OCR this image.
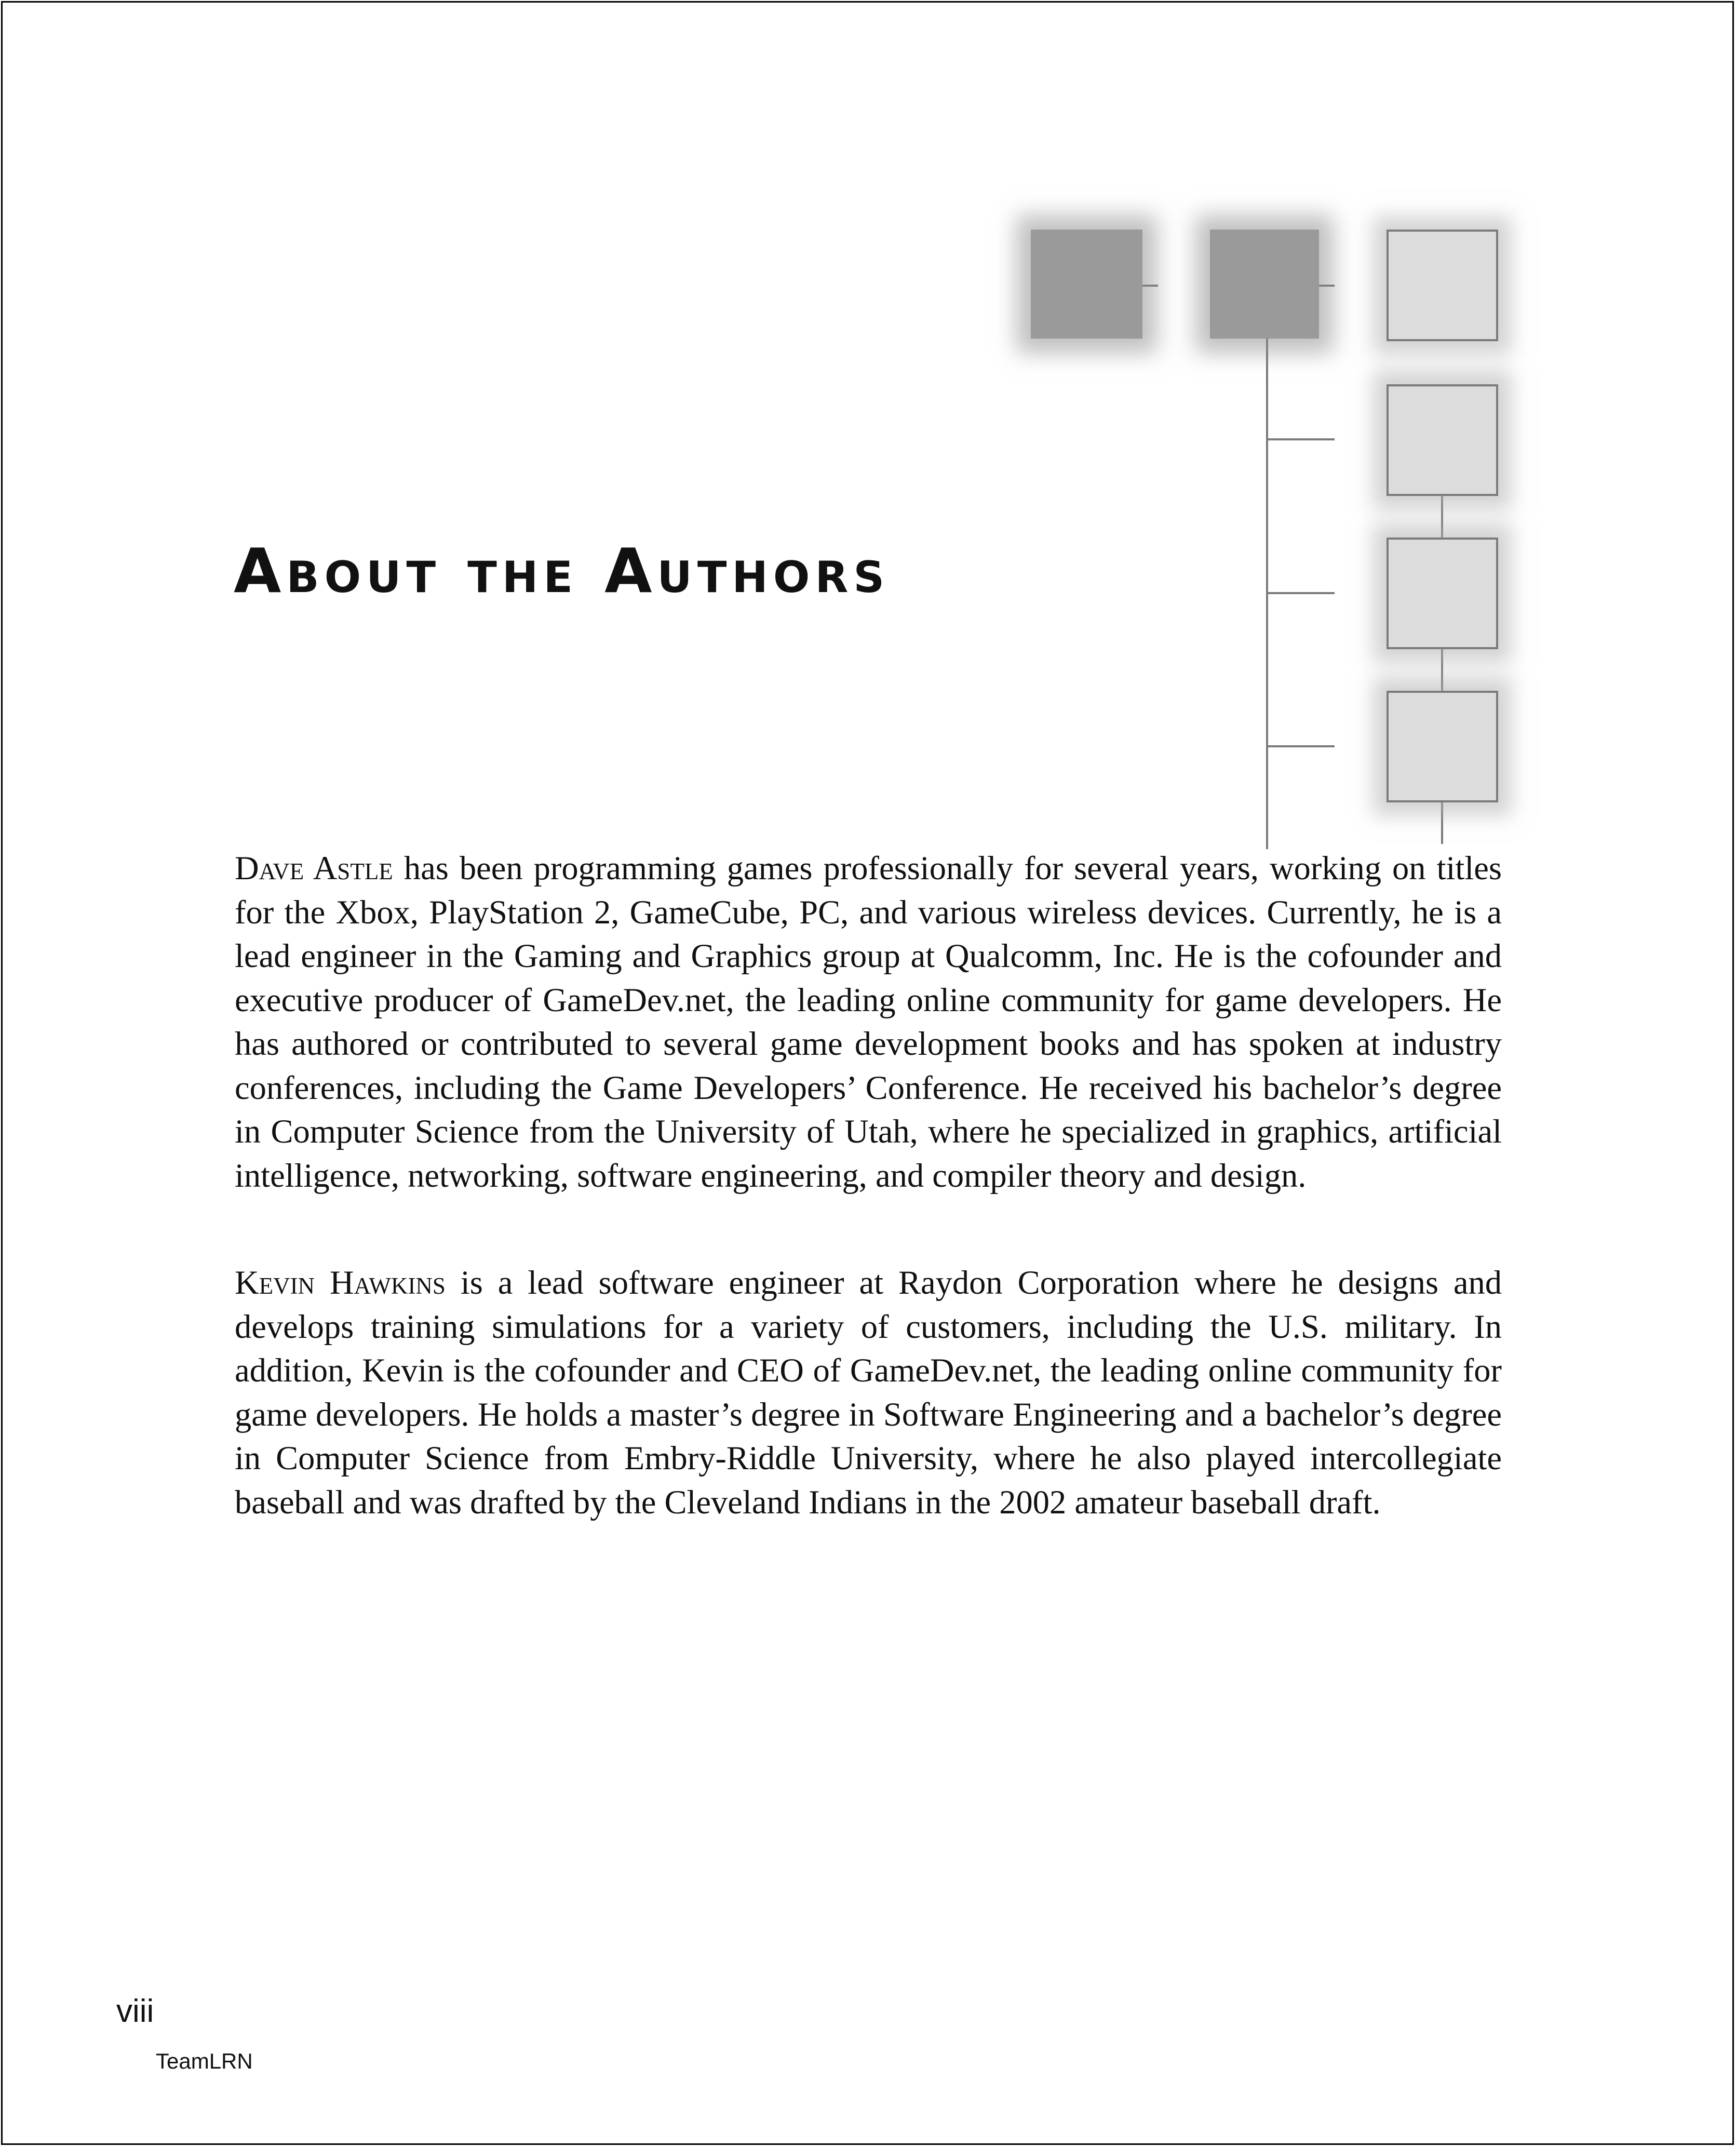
About the Authors

Dave Astle has been programming games professionally for several years, working on titles for the Xbox, PlayStation 2, GameCube, PC, and various wireless devices. Currently, he is a lead engineer in the Gaming and Graphics group at Qualcomm, Inc. He is the cofounder and executive producer of GameDev.net, the leading online community for game developers. He has authored or contributed to several game development books and has spoken at industry conferences, including the Game Developers’ Conference. He received his bachelor’s degree in Computer Science from the University of Utah, where he specialized in graphics, artificial intelligence, networking, software engineering, and compiler theory and design.

Kevin Hawkins is a lead software engineer at Raydon Corporation where he designs and develops training simulations for a variety of customers, including the U.S. military. In addition, Kevin is the cofounder and CEO of GameDev.net, the leading online community for game developers. He holds a master’s degree in Software Engineering and a bachelor’s degree in Computer Science from Embry-Riddle University, where he also played intercollegiate baseball and was drafted by the Cleveland Indians in the 2002 amateur baseball draft.

viii
TeamLRN
